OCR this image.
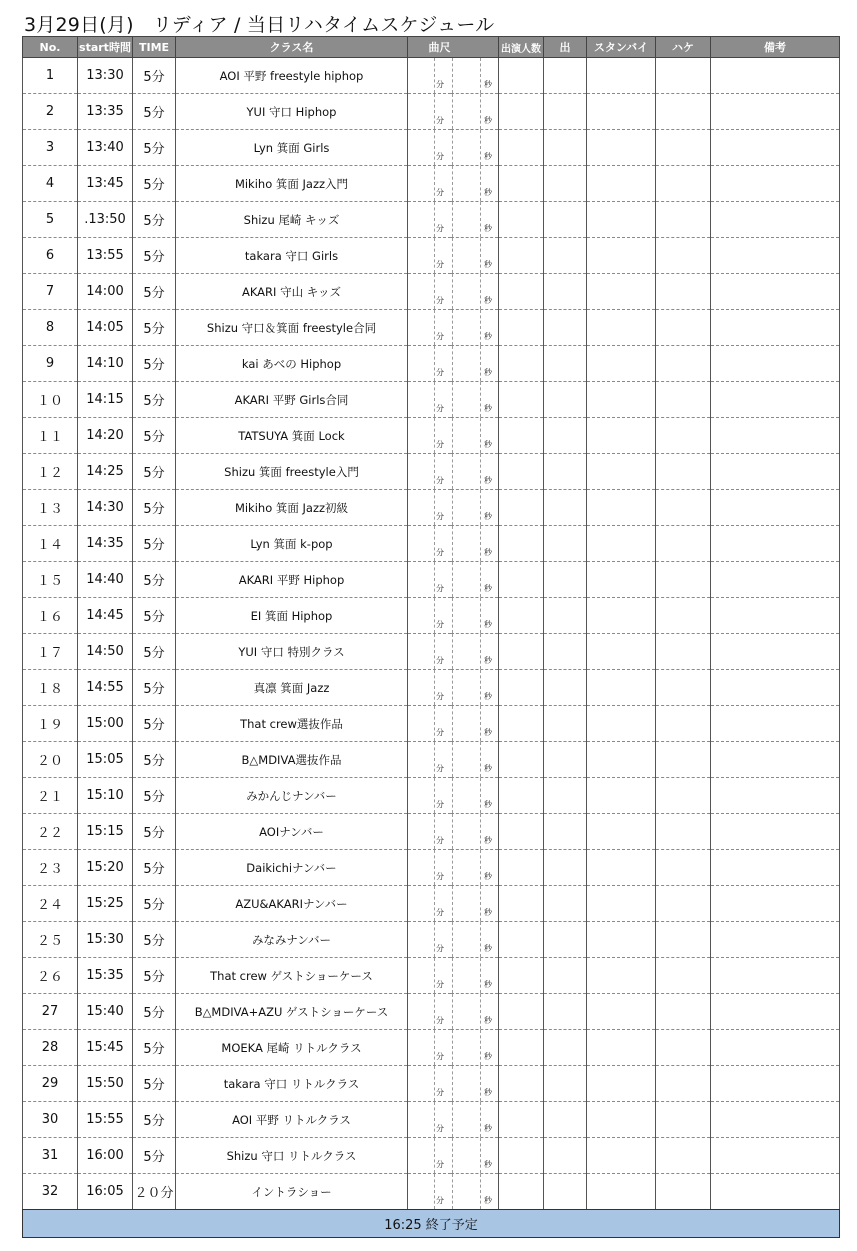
3月29日(月)　リディア / 当日リハタイムスケジュール
No.	start時間	TIME	クラス名	曲尺		出演人数	出	スタンバイ	ハケ	備考
1	13:30	5分	AOI 平野 freestyle hiphop	分 秒						

2	13:35	5分	YUI 守口 Hiphop	分 秒						

3	13:40	5分	Lyn 箕面 Girls	分 秒						

4	13:45	5分	Mikiho 箕面 Jazz入門	分 秒						

5	.13:50	5分	Shizu 尾崎 キッズ	分 秒						

6	13:55	5分	takara 守口 Girls	分 秒						

7	14:00	5分	AKARI 守山 キッズ	分 秒						

8	14:05	5分	Shizu 守口＆箕面 freestyle合同	分 秒						

9	14:10	5分	kai あべの Hiphop	分 秒						

１０	14:15	5分	AKARI 平野 Girls合同	分 秒						

１１	14:20	5分	TATSUYA 箕面 Lock	分 秒						

１２	14:25	5分	Shizu 箕面 freestyle入門	分 秒						

１３	14:30	5分	Mikiho 箕面 Jazz初級	分 秒						

１４	14:35	5分	Lyn 箕面 k-pop	分 秒						

１５	14:40	5分	AKARI 平野 Hiphop	分 秒						

１６	14:45	5分	EI 箕面 Hiphop	分 秒						

１７	14:50	5分	YUI 守口 特別クラス	分 秒						

１８	14:55	5分	真凛 箕面 Jazz	分 秒						

１９	15:00	5分	That crew選抜作品	分 秒						

２０	15:05	5分	B△MDIVA選抜作品	分 秒						

２１	15:10	5分	みかんじナンバー	分 秒						

２２	15:15	5分	AOIナンバー	分 秒						

２３	15:20	5分	Daikichiナンバー	分 秒						

２４	15:25	5分	AZU&AKARIナンバー	分 秒						

２５	15:30	5分	みなみナンバー	分 秒						

２６	15:35	5分	That crew ゲストショーケース	分 秒						

27	15:40	5分	B△MDIVA+AZU ゲストショーケース	分 秒						

28	15:45	5分	MOEKA 尾崎 リトルクラス	分 秒						

29	15:50	5分	takara 守口 リトルクラス	分 秒						

30	15:55	5分	AOI 平野 リトルクラス	分 秒						

31	16:00	5分	Shizu 守口 リトルクラス	分 秒						

32	16:05	２０分	イントラショー	分 秒						

16:25 終了予定										
